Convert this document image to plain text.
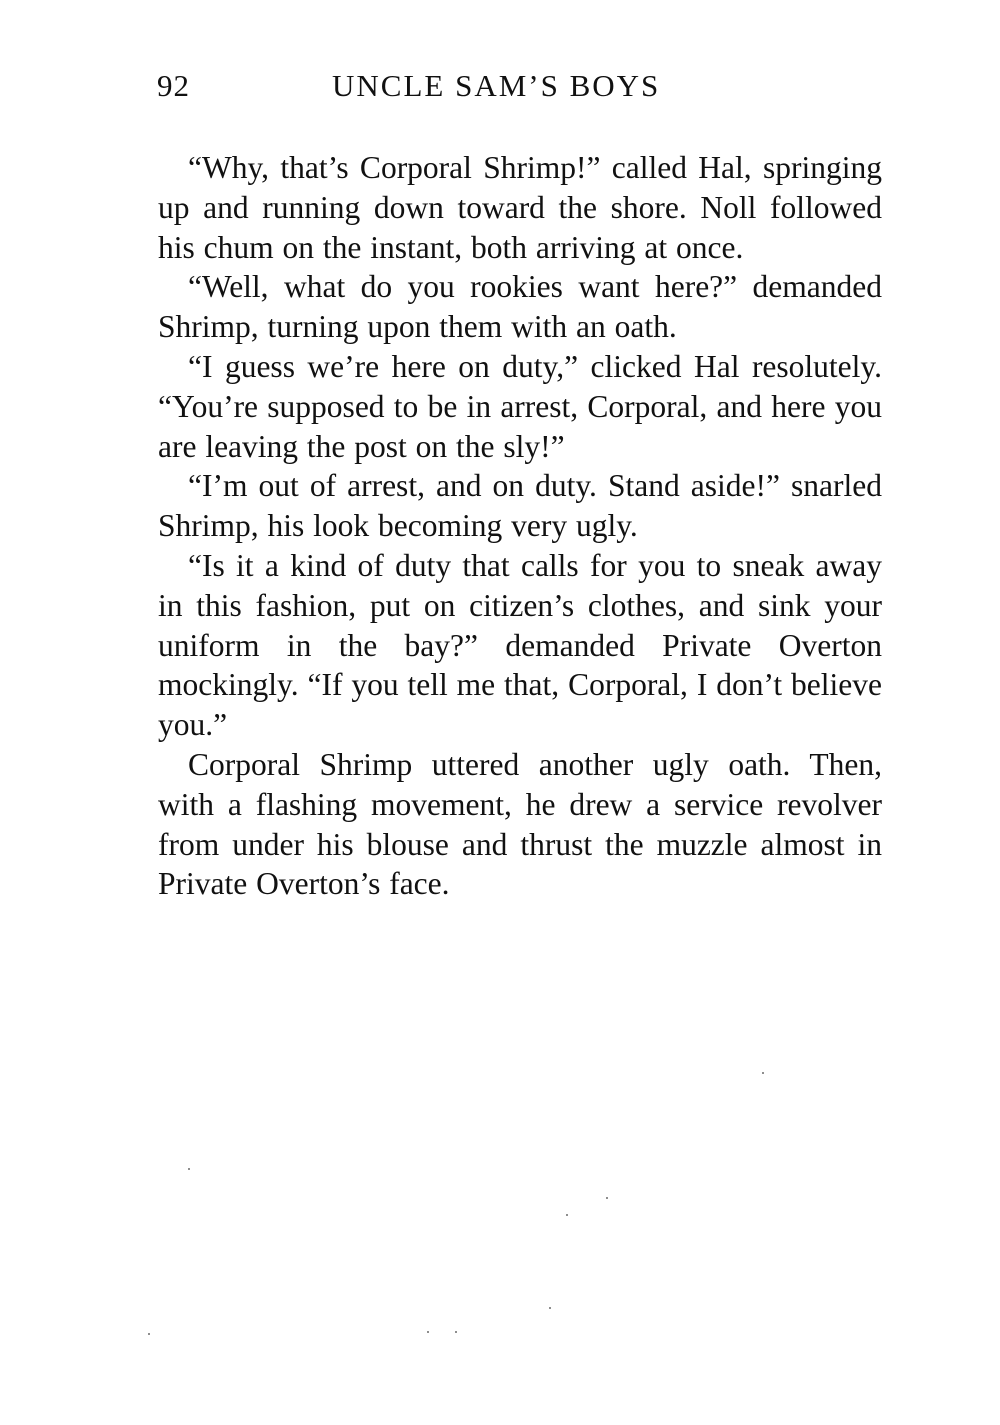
92	UNCLE SAM’S BOYS

“Why, that’s Corporal Shrimp!” called Hal, springing up and running down toward the shore. Noll followed his chum on the instant, both arriving at once.

“Well, what do you rookies want here?” demanded Shrimp, turning upon them with an oath.

“I guess we’re here on duty,” clicked Hal resolutely. “You’re supposed to be in arrest, Corporal, and here you are leaving the post on the sly!”

“I’m out of arrest, and on duty. Stand aside!” snarled Shrimp, his look becoming very ugly.

“Is it a kind of duty that calls for you to sneak away in this fashion, put on citizen’s clothes, and sink your uniform in the bay?” demanded Private Overton mockingly. “If you tell me that, Corporal, I don’t believe you.”

Corporal Shrimp uttered another ugly oath. Then, with a flashing movement, he drew a service revolver from under his blouse and thrust the muzzle almost in Private Overton’s face.
